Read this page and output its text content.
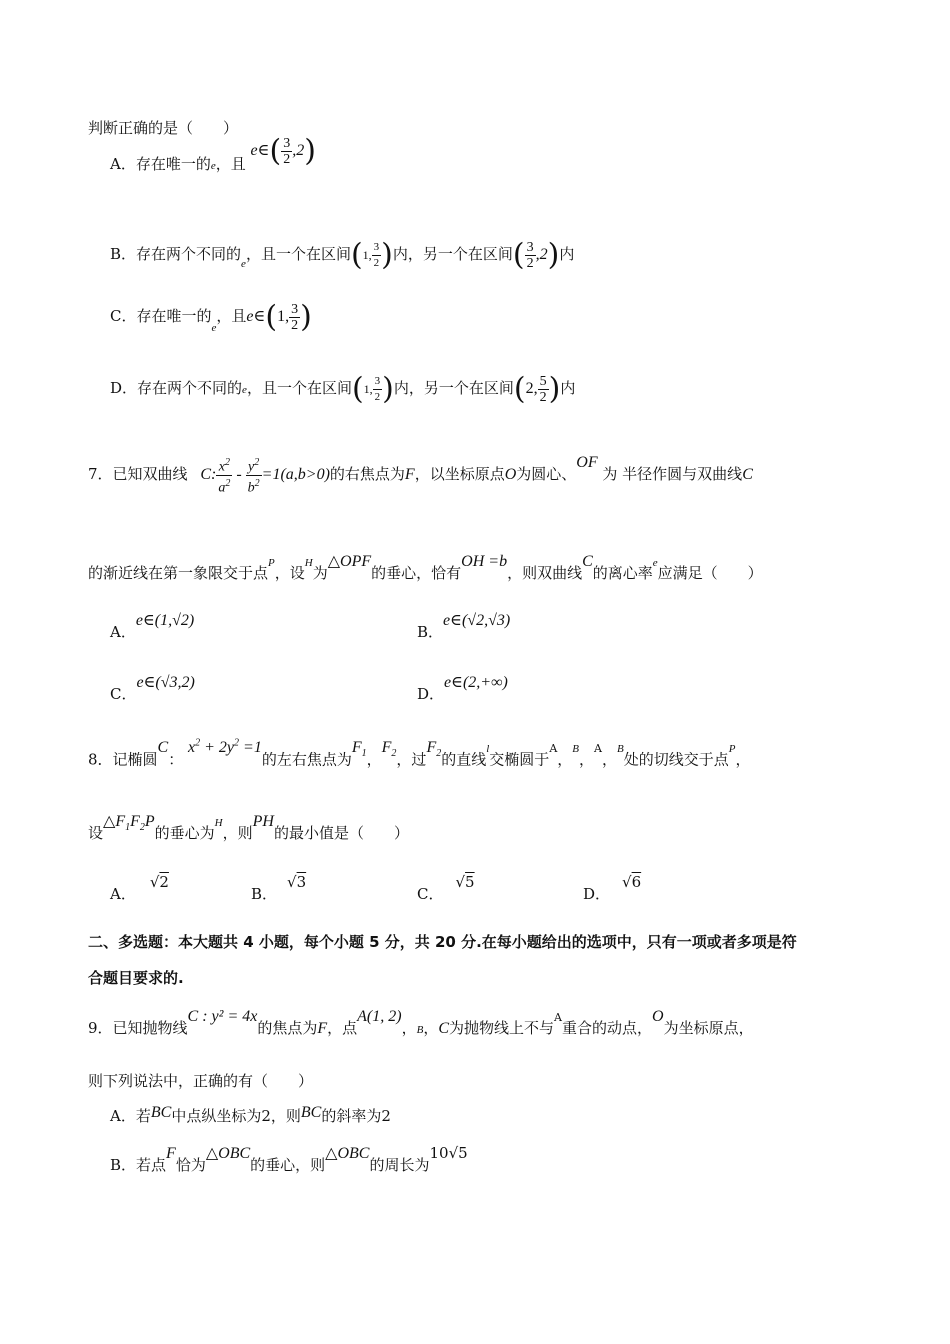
判断正确的是（　　）
A．存在唯一的e，且 e∈( $\frac{3}{2} ,2$)
B．存在两个不同的$_e$，且一个在区间(1, $\frac{3}{2}$ )内，另一个在区间( $\frac{3}{2} ,2$)内
C．存在唯一的$_e$，且e∈(1, $\frac{3}{2}$ )
D．存在两个不同的e，且一个在区间(1, $\frac{3}{2}$ )内，另一个在区间(2, $\frac{5}{2}$ )内
7．已知双曲线 C: $\frac{x^2}{a^2} - \frac{y^2}{b^2} =1(a,b>0)$的右焦点为F，以坐标原点O为圆心、OF 为 半径作圆与双曲线C
的渐近线在第一象限交于点$^P$，设$^H$为△OPF的垂心，恰有OH =b，则双曲线C的离心率$^e$应满足（　　）
A．e∈(1,√2)
B．e∈(√2,√3)
C．e∈(√3,2)
D．e∈(2,+∞)
8．记椭圆C： $x^2 + 2y^2 =1$的左右焦点为$F_1$，$F_2$，过$F_2$的直线$^l$交椭圆于$^A$，$^B$，$^A$，$^B$处的切线交于点$^P$，
设$\triangle F_1F_2P$的垂心为$^H$，则PH的最小值是（　　）
A．√2
B．√3
C．√5
D．√6
二、多选题：本大题共 4 小题，每个小题 5 分，共 20 分.在每小题给出的选项中，只有一项或者多项是符
合题目要求的.
9．已知抛物线C : y² = 4x的焦点为F，点A(1, 2)，B，C为抛物线上不与$^A$重合的动点，O为坐标原点，
则下列说法中，正确的有（　　）
A．若BC中点纵坐标为2，则BC的斜率为2
B．若点F恰为△OBC的垂心，则△OBC的周长为10√5
